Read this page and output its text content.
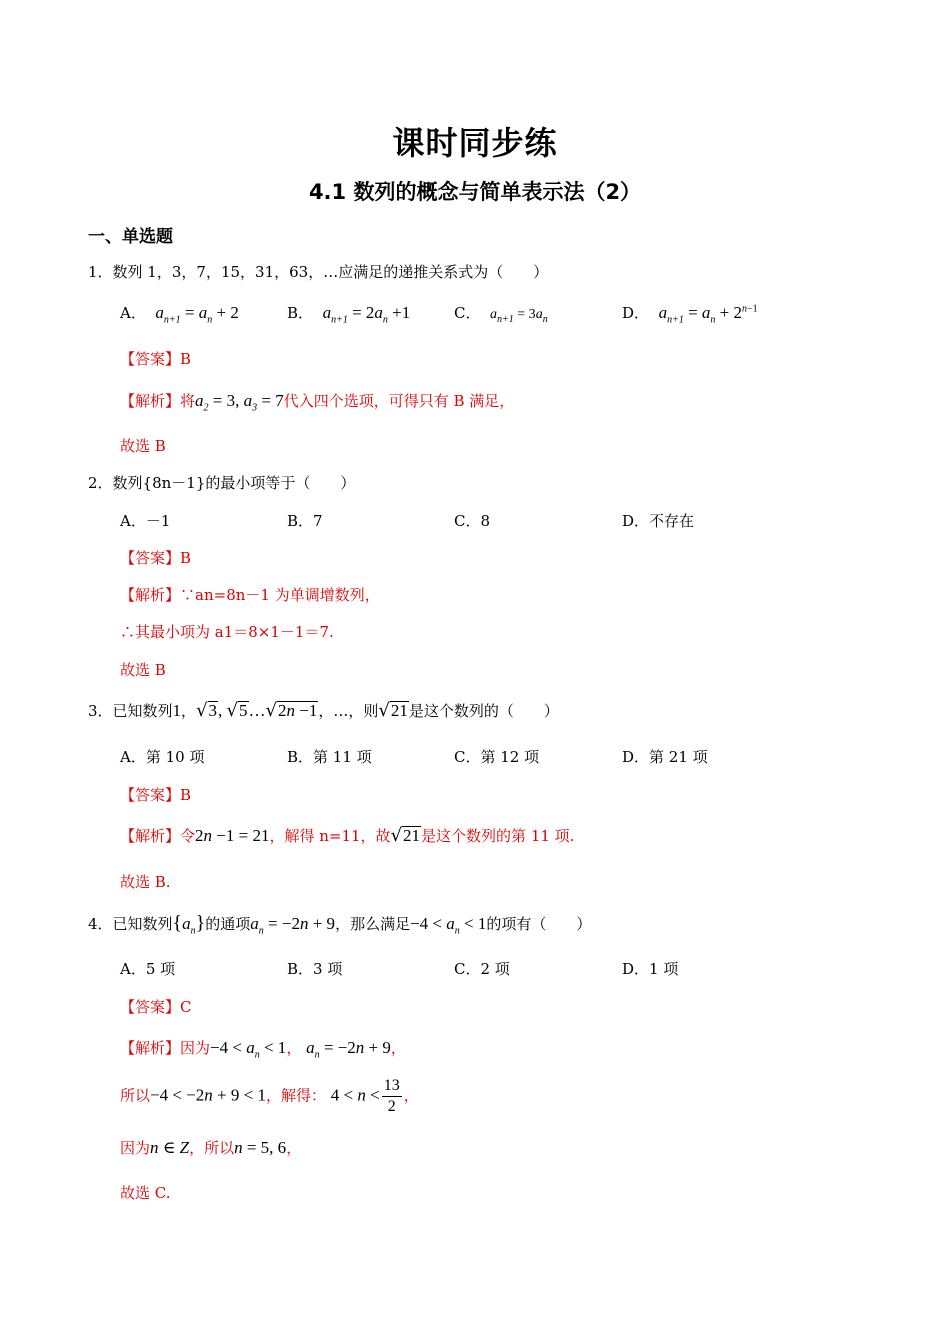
课时同步练
4.1 数列的概念与简单表示法（2）
一、单选题
1．数列 1，3，7，15，31，63，…应满足的递推关系式为（　　）
A． $a_{n+1} = a_n + 2$	B． $a_{n+1} = 2a_n +1$	C． $a_{n+1} = 3a_n$	D． $a_{n+1} = a_n + 2^{n-1}$
【答案】B
【解析】将$a_2 = 3$, $a_3 = 7$代入四个选项，可得只有 B 满足，
故选 B
2．数列{8n－1}的最小项等于（　　）
A．－1	B．7	C．8	D．不存在
【答案】B
【解析】∵an=8n－1 为单调增数列，
∴其最小项为 a1＝8×1－1＝7.
故选 B
3．已知数列1，√3, √5…√2n −1，…，则√21是这个数列的（　　）
A．第 10 项	B．第 11 项	C．第 12 项	D．第 21 项
【答案】B
【解析】令2n −1 = 21，解得 n=11，故√21是这个数列的第 11 项.
故选 B.
4．已知数列$\{a_n\}$的通项$a_n = -2n + 9$，那么满足$-4 < a_n < 1$的项有（　　）
A．5 项	B．3 项	C．2 项	D．1 项
【答案】C
【解析】因为$-4 < a_n < 1$， $a_n = -2n + 9$，
所以−4 < −2n + 9 < 1，解得： $4 < n < \frac{13}{2}$ ，
因为n ∈ Z，所以n = 5, 6，
故选 C.
